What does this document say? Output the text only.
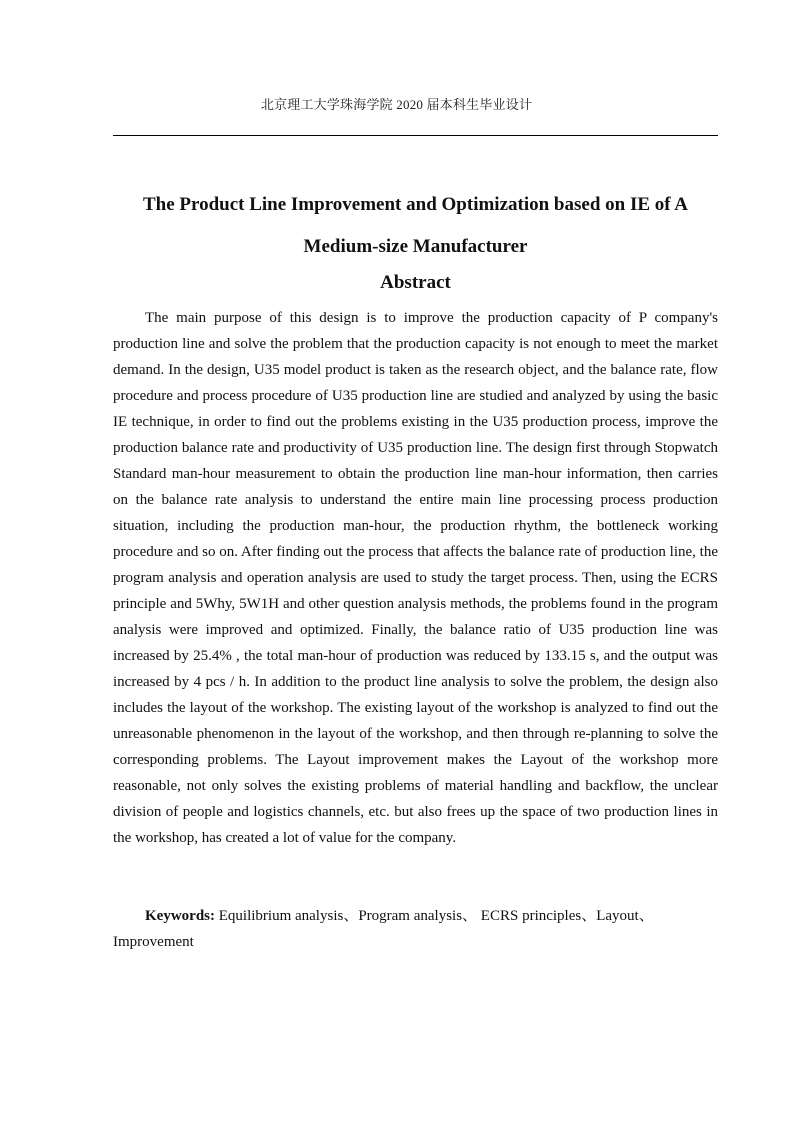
北京理工大学珠海学院 2020 届本科生毕业设计
The Product Line Improvement and Optimization based on IE of A
Medium-size Manufacturer
Abstract

The main purpose of this design is to improve the production capacity of P company's production line and solve the problem that the production capacity is not enough to meet the market demand. In the design, U35 model product is taken as the research object, and the balance rate, flow procedure and process procedure of U35 production line are studied and analyzed by using the basic IE technique, in order to find out the problems existing in the U35 production process, improve the production balance rate and productivity of U35 production line. The design first through Stopwatch Standard man-hour measurement to obtain the production line man-hour information, then carries on the balance rate analysis to understand the entire main line processing process production situation, including the production man-hour, the production rhythm, the bottleneck working procedure and so on. After finding out the process that affects the balance rate of production line, the program analysis and operation analysis are used to study the target process. Then, using the ECRS principle and 5Why, 5W1H and other question analysis methods, the problems found in the program analysis were improved and optimized. Finally, the balance ratio of U35 production line was increased by 25.4% , the total man-hour of production was reduced by 133.15 s, and the output was increased by 4 pcs / h. In addition to the product line analysis to solve the problem, the design also includes the layout of the workshop. The existing layout of the workshop is analyzed to find out the unreasonable phenomenon in the layout of the workshop, and then through re-planning to solve the corresponding problems. The Layout improvement makes the Layout of the workshop more reasonable, not only solves the existing problems of material handling and backflow, the unclear division of people and logistics channels, etc. but also frees up the space of two production lines in the workshop, has created a lot of value for the company.

Keywords: Equilibrium analysis、Program analysis、 ECRS principles、Layout、Improvement
